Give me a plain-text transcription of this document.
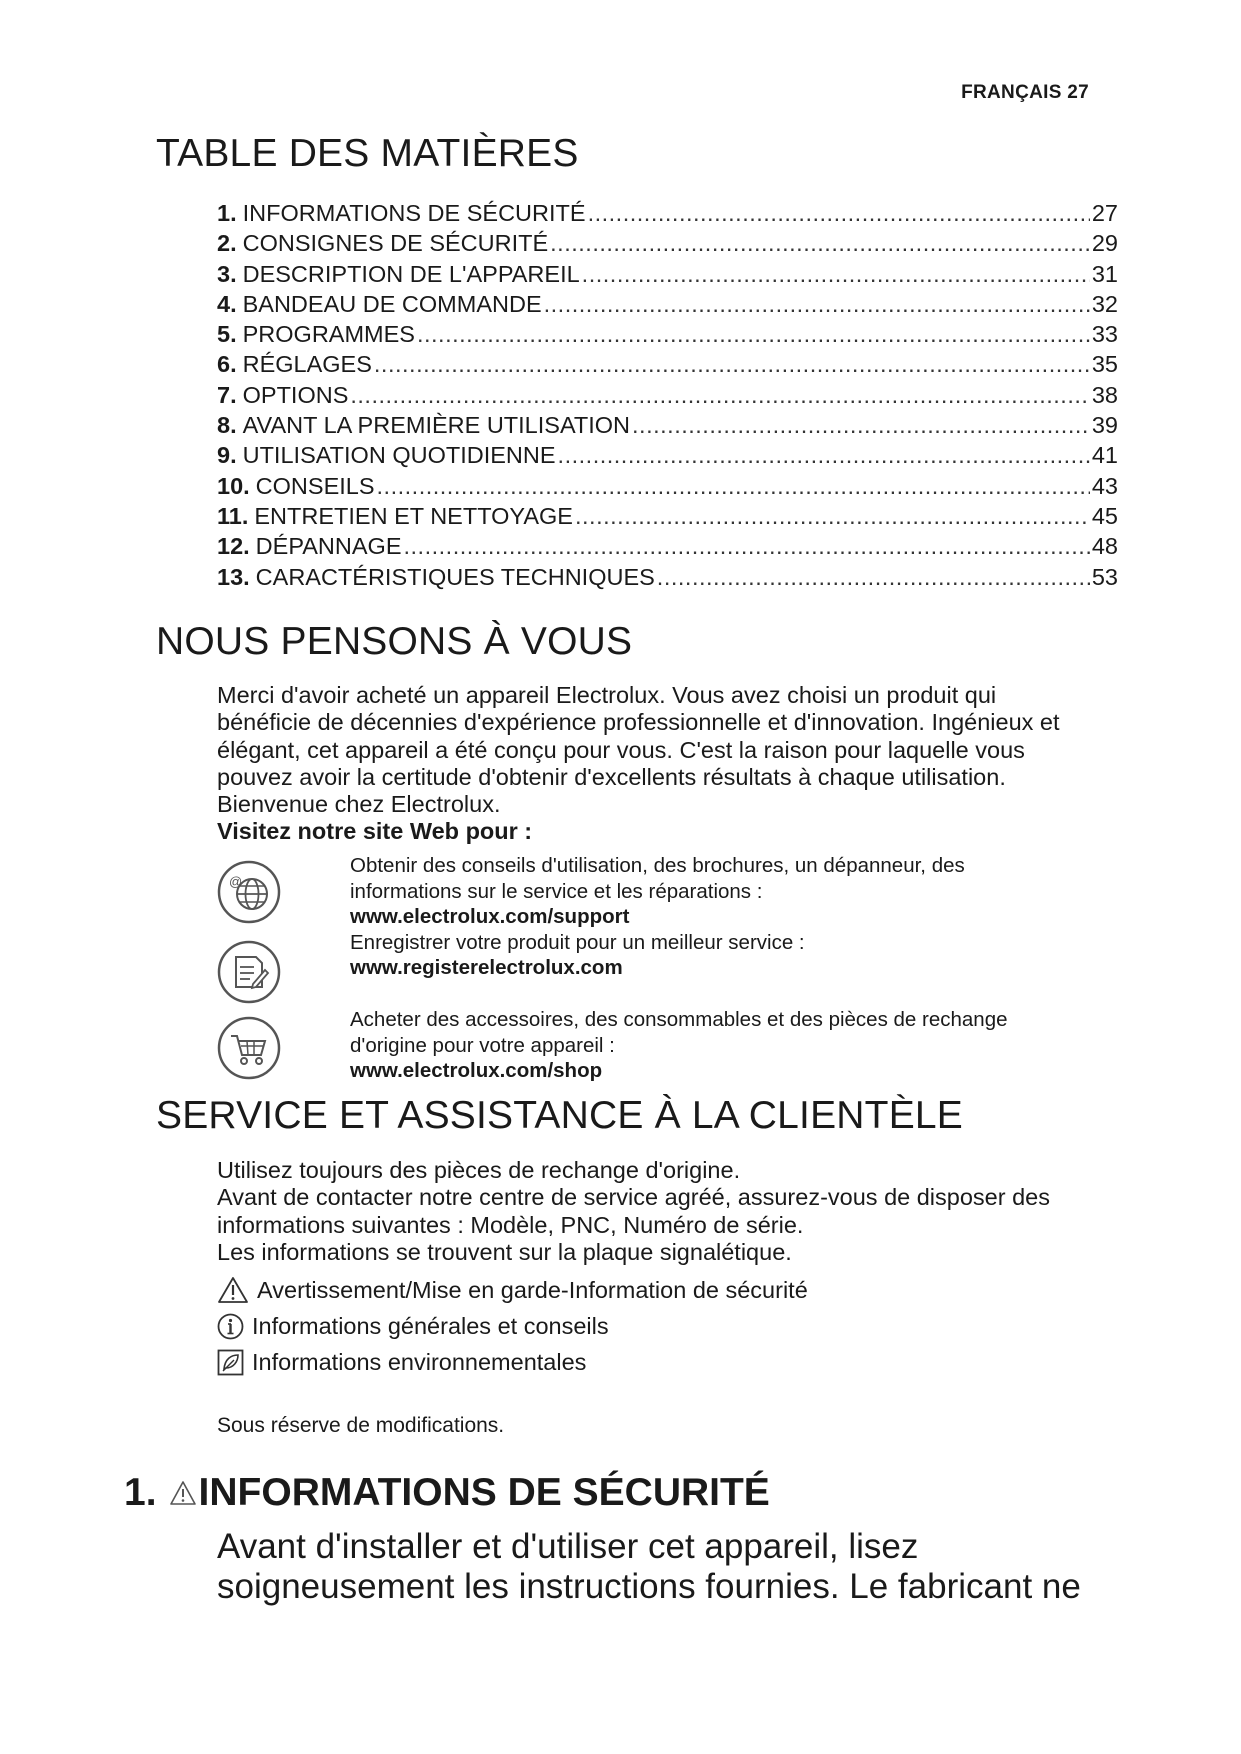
FRANÇAIS 27
TABLE DES MATIÈRES
1. INFORMATIONS DE SÉCURITÉ .....	27
2. CONSIGNES DE SÉCURITÉ .....	29
3. DESCRIPTION DE L'APPAREIL .....	31
4. BANDEAU DE COMMANDE .....	32
5. PROGRAMMES .....	33
6. RÉGLAGES .....	35
7. OPTIONS .....	38
8. AVANT LA PREMIÈRE UTILISATION .....	39
9. UTILISATION QUOTIDIENNE .....	41
10. CONSEILS .....	43
11. ENTRETIEN ET NETTOYAGE .....	45
12. DÉPANNAGE .....	48
13. CARACTÉRISTIQUES TECHNIQUES .....	53
NOUS PENSONS À VOUS

Merci d'avoir acheté un appareil Electrolux. Vous avez choisi un produit qui

bénéficie de décennies d'expérience professionnelle et d'innovation. Ingénieux et

élégant, cet appareil a été conçu pour vous. C'est la raison pour laquelle vous

pouvez avoir la certitude d'obtenir d'excellents résultats à chaque utilisation.

Bienvenue chez Electrolux.

Visitez notre site Web pour :

@

Obtenir des conseils d'utilisation, des brochures, un dépanneur, des

informations sur le service et les réparations :

www.electrolux.com/support

Enregistrer votre produit pour un meilleur service :

www.registerelectrolux.com

Acheter des accessoires, des consommables et des pièces de rechange

d'origine pour votre appareil :

www.electrolux.com/shop

SERVICE ET ASSISTANCE À LA CLIENTÈLE

Utilisez toujours des pièces de rechange d'origine.

Avant de contacter notre centre de service agréé, assurez-vous de disposer des

informations suivantes : Modèle, PNC, Numéro de série.

Les informations se trouvent sur la plaque signalétique.

Avertissement/Mise en garde-Information de sécurité
Informations générales et conseils
Informations environnementales
Sous réserve de modifications.
1. INFORMATIONS DE SÉCURITÉ

Avant d'installer et d'utiliser cet appareil, lisez

soigneusement les instructions fournies. Le fabricant ne
